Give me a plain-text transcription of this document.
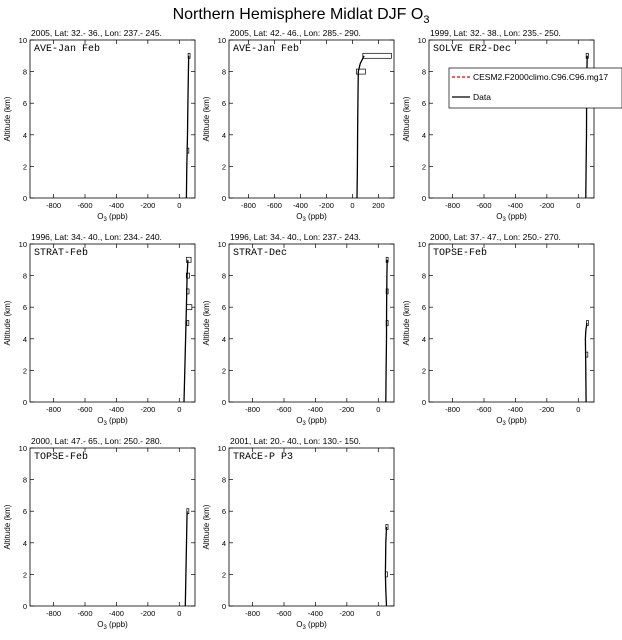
Northern Hemisphere Midlat DJF $O_3$
2005, Lat: 32.- 36., Lon: 237.- 245.
AVE-Jan Feb
0
2
4
6
8
10
-800 -600 -400 -200	0
$O_3$ (ppb)
Altitude (km)
2005, Lat: 42.- 46., Lon: 285.- 290.
AVE-Jan Feb
0
2
4
6
8
10
-800 -600 -400 -200 0 200
$O_3$ (ppb)
Altitude (km)
1999, Lat: 32.- 38., Lon: 235.- 250.
SOLVE ER2-Dec
0
2
4
6
8
10
-800 -600 -400 -200	0
$O_3$ (ppb)
Altitude (km)
1996, Lat: 34.- 40., Lon: 234.- 240.
STRAT-Feb
0
2
4
6
8
10
-800 -600 -400 -200	0
$O_3$ (ppb)
Altitude (km)
1996, Lat: 34.- 40., Lon: 237.- 243.
STRAT-Dec
0
2
4
6
8
10
-800 -600 -400 -200	0
$O_3$ (ppb)
Altitude (km)
2000, Lat: 37.- 47., Lon: 250.- 270.
TOPSE-Feb
0
2
4
6
8
10
-800 -600 -400 -200	0
$O_3$ (ppb)
Altitude (km)
2000, Lat: 47.- 65., Lon: 250.- 280.
TOPSE-Feb
0
2
4
6
8
10
-800 -600 -400 -200	0
$O_3$ (ppb)
Altitude (km)
2001, Lat: 20.- 40., Lon: 130.- 150.
TRACE-P P3
0
2
4
6
8
10
-800 -600 -400 -200	0
$O_3$ (ppb)
Altitude (km)
CESM2.F2000climo.C96.C96.mg17
Data
